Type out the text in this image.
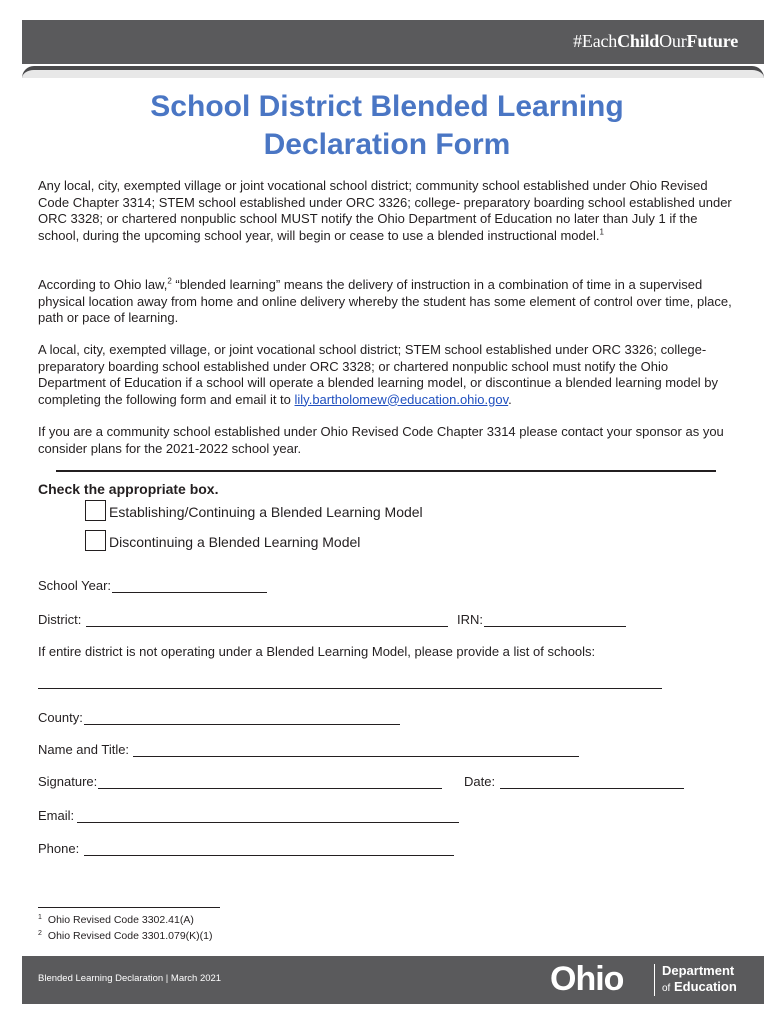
#EachChildOurFuture
School District Blended Learning
Declaration Form
Any local, city, exempted village or joint vocational school district; community school established under Ohio Revised Code Chapter 3314; STEM school established under ORC 3326; college- preparatory boarding school established under ORC 3328; or chartered nonpublic school MUST notify the Ohio Department of Education no later than July 1 if the school, during the upcoming school year, will begin or cease to use a blended instructional model.$^1$
According to Ohio law,$^2$ “blended learning” means the delivery of instruction in a combination of time in a supervised physical location away from home and online delivery whereby the student has some element of control over time, place, path or pace of learning.
A local, city, exempted village, or joint vocational school district; STEM school established under ORC 3326; college-preparatory boarding school established under ORC 3328; or chartered nonpublic school must notify the Ohio Department of Education if a school will operate a blended learning model, or discontinue a blended learning model by completing the following form and email it to lily.bartholomew@education.ohio.gov.
If you are a community school established under Ohio Revised Code Chapter 3314 please contact your sponsor as you consider plans for the 2021-2022 school year.
Check the appropriate box.
Establishing/Continuing a Blended Learning Model
Discontinuing a Blended Learning Model
School Year:
District:	IRN:
If entire district is not operating under a Blended Learning Model, please provide a list of schools:
County:
Name and Title:
Signature:	Date:
Email:
Phone:
$^1$ Ohio Revised Code 3302.41(A)
$^2$ Ohio Revised Code 3301.079(K)(1)
Blended Learning Declaration | March 2021	Ohio	Department
of Education
